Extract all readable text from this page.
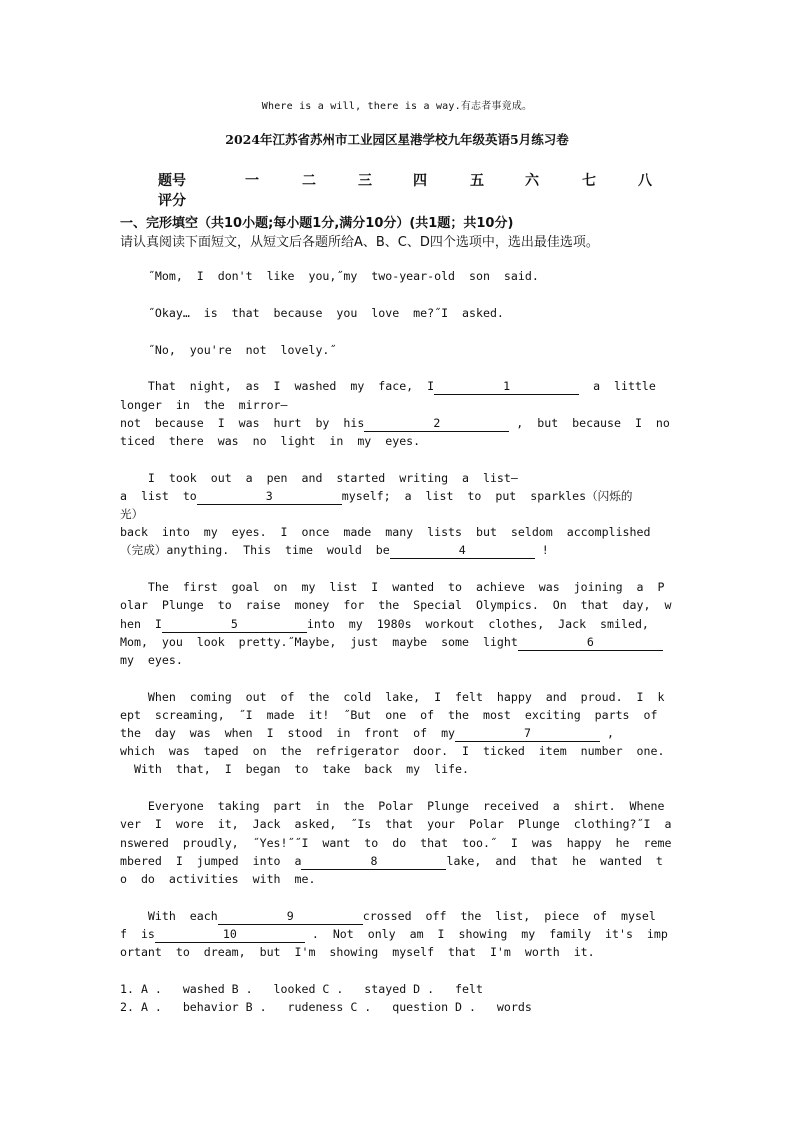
Where is a will, there is a way.有志者事竟成。
2024年江苏省苏州市工业园区星港学校九年级英语5月练习卷
题号	一	二	三	四	五	六	七	八
评分
一、完形填空（共10小题;每小题1分,满分10分）(共1题；共10分)
请认真阅读下面短文，从短文后各题所给A、B、C、D四个选项中，选出最佳选项。
˝Mom,  I  don't  like  you,˝my  two-year-old  son  said.
˝Okay…  is  that  because  you  love  me?˝I  asked.
˝No,  you're  not  lovely.˝
That  night,  as  I  washed  my  face,  I	1	a  little
longer  in  the  mirror—
not  because  I  was  hurt  by  his	2	,  but  because  I  no
ticed  there  was  no  light  in  my  eyes.
I  took  out  a  pen  and  started  writing  a  list—
a  list  to	3	myself;  a  list  to  put  sparkles（闪烁的
光）
back  into  my  eyes.  I  once  made  many  lists  but  seldom  accomplished
（完成）anything.  This  time  would  be	4	!
The  first  goal  on  my  list  I  wanted  to  achieve  was  joining  a  P
olar  Plunge  to  raise  money  for  the  Special  Olympics.  On  that  day,  w
hen  I	5	into  my  1980s  workout  clothes,  Jack  smiled,
Mom,  you  look  pretty.˝Maybe,  just  maybe  some  light	6
my  eyes.
When  coming  out  of  the  cold  lake,  I  felt  happy  and  proud.  I  k
ept  screaming,  ˝I  made  it!  ˝But  one  of  the  most  exciting  parts  of
the  day  was  when  I  stood  in  front  of  my	7	,
which  was  taped  on  the  refrigerator  door.  I  ticked  item  number  one.
With  that,  I  began  to  take  back  my  life.
Everyone  taking  part  in  the  Polar  Plunge  received  a  shirt.  Whene
ver  I  wore  it,  Jack  asked,  ˝Is  that  your  Polar  Plunge  clothing?˝I  a
nswered  proudly,  ˝Yes!˝˝I  want  to  do  that  too.˝  I  was  happy  he  reme
mbered  I  jumped  into  a	8	lake,  and  that  he  wanted  t
o  do  activities  with  me.
With  each	9	crossed  off  the  list,  piece  of  mysel
f  is	10	.  Not  only  am  I  showing  my  family  it's  imp
ortant  to  dream,  but  I'm  showing  myself  that  I'm  worth  it.
1. A .   washed B .   looked C .   stayed D .   felt
2. A .   behavior B .   rudeness C .   question D .   words
